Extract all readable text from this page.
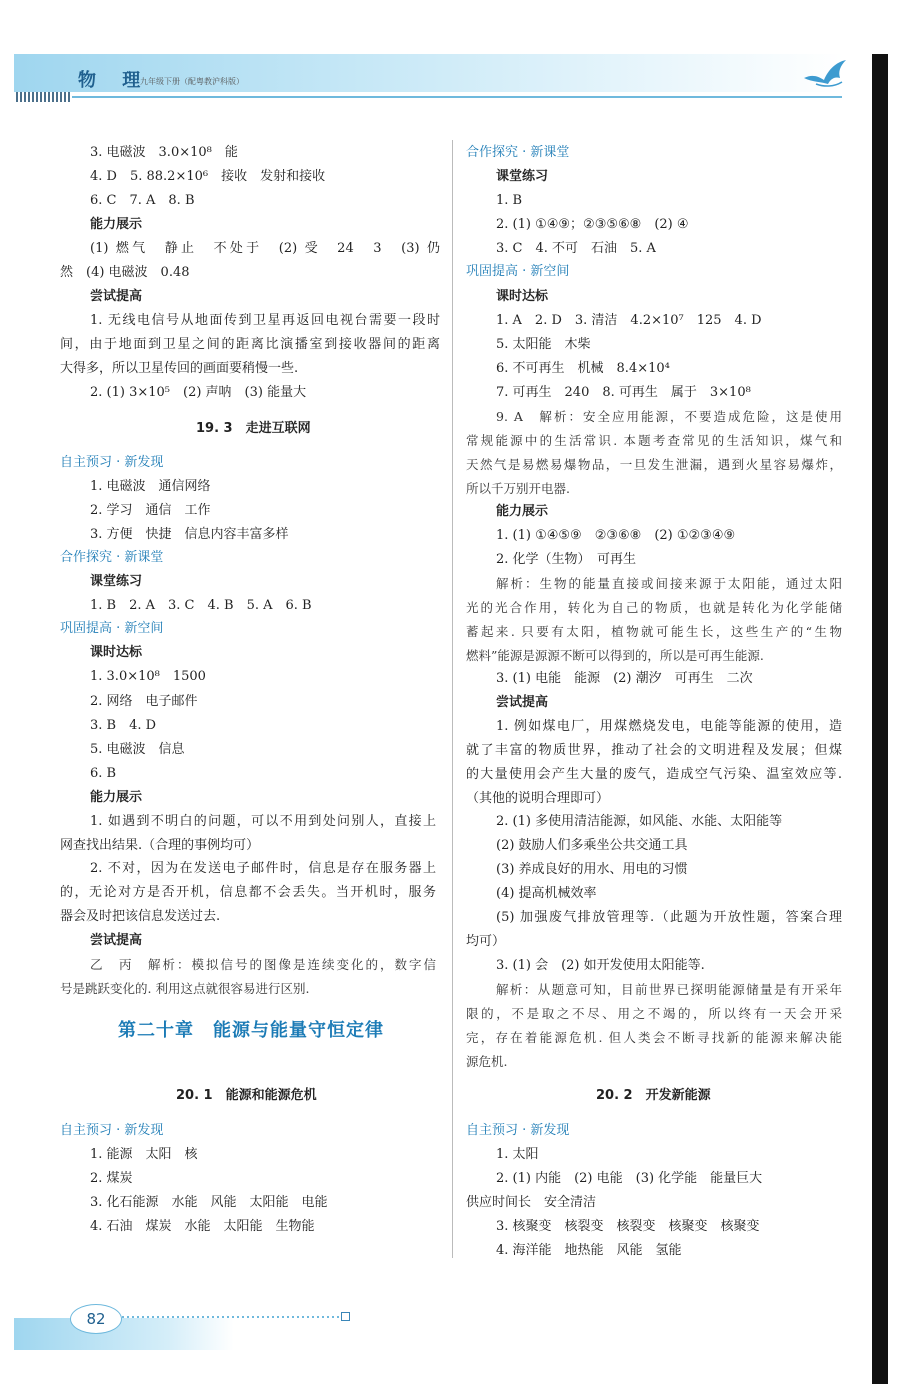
物 理
九年级下册（配粤教沪科版）
3. 电磁波　3.0×10⁸　能
4. D　5. 88.2×10⁶　接收　发射和接收
6. C　7. A　8. B
能力展示
(1) 燃气　静止　不处于　(2) 受　24　3　(3) 仍
然　(4) 电磁波　0.48
尝试提高
1. 无线电信号从地面传到卫星再返回电视台需要一段时
间，由于地面到卫星之间的距离比演播室到接收器间的距离
大得多，所以卫星传回的画面要稍慢一些.
2. (1) 3×10⁵　(2) 声呐　(3) 能量大
19. 3　走进互联网
自主预习 · 新发现
1. 电磁波　通信网络
2. 学习　通信　工作
3. 方便　快捷　信息内容丰富多样
合作探究 · 新课堂
课堂练习
1. B　2. A　3. C　4. B　5. A　6. B
巩固提高 · 新空间
课时达标
1. 3.0×10⁸　1500
2. 网络　电子邮件
3. B　4. D
5. 电磁波　信息
6. B
能力展示
1. 如遇到不明白的问题，可以不用到处问别人，直接上
网查找出结果.（合理的事例均可）
2. 不对，因为在发送电子邮件时，信息是存在服务器上
的，无论对方是否开机，信息都不会丢失。当开机时，服务
器会及时把该信息发送过去.
尝试提高
乙　丙　解析：模拟信号的图像是连续变化的，数字信
号是跳跃变化的. 利用这点就很容易进行区别.
第二十章　能源与能量守恒定律
20. 1　能源和能源危机
自主预习 · 新发现
1. 能源　太阳　核
2. 煤炭
3. 化石能源　水能　风能　太阳能　电能
4. 石油　煤炭　水能　太阳能　生物能
合作探究 · 新课堂
课堂练习
1. B
2. (1) ①④⑨；②③⑤⑥⑧　(2) ④
3. C　4. 不可　石油　5. A
巩固提高 · 新空间
课时达标
1. A　2. D　3. 清洁　4.2×10⁷　125　4. D
5. 太阳能　木柴
6. 不可再生　机械　8.4×10⁴
7. 可再生　240　8. 可再生　属于　3×10⁸
9. A　解析：安全应用能源，不要造成危险，这是使用
常规能源中的生活常识. 本题考查常见的生活知识，煤气和
天然气是易燃易爆物品，一旦发生泄漏，遇到火星容易爆炸，
所以千万别开电器.
能力展示
1. (1) ①④⑤⑨　②③⑥⑧　(2) ①②③④⑨
2. 化学（生物）　可再生
解析：生物的能量直接或间接来源于太阳能，通过太阳
光的光合作用，转化为自己的物质，也就是转化为化学能储
蓄起来. 只要有太阳，植物就可能生长，这些生产的“生物
燃料”能源是源源不断可以得到的，所以是可再生能源.
3. (1) 电能　能源　(2) 潮汐　可再生　二次
尝试提高
1. 例如煤电厂，用煤燃烧发电，电能等能源的使用，造
就了丰富的物质世界，推动了社会的文明进程及发展；但煤
的大量使用会产生大量的废气，造成空气污染、温室效应等.
（其他的说明合理即可）
2. (1) 多使用清洁能源，如风能、水能、太阳能等
(2) 鼓励人们多乘坐公共交通工具
(3) 养成良好的用水、用电的习惯
(4) 提高机械效率
(5) 加强废气排放管理等.（此题为开放性题，答案合理
均可）
3. (1) 会　(2) 如开发使用太阳能等.
解析：从题意可知，目前世界已探明能源储量是有开采年
限的，不是取之不尽、用之不竭的，所以终有一天会开采
完，存在着能源危机. 但人类会不断寻找新的能源来解决能
源危机.
20. 2　开发新能源
自主预习 · 新发现
1. 太阳
2. (1) 内能　(2) 电能　(3) 化学能　能量巨大
供应时间长　安全清洁
3. 核聚变　核裂变　核裂变　核聚变　核聚变
4. 海洋能　地热能　风能　氢能
82
